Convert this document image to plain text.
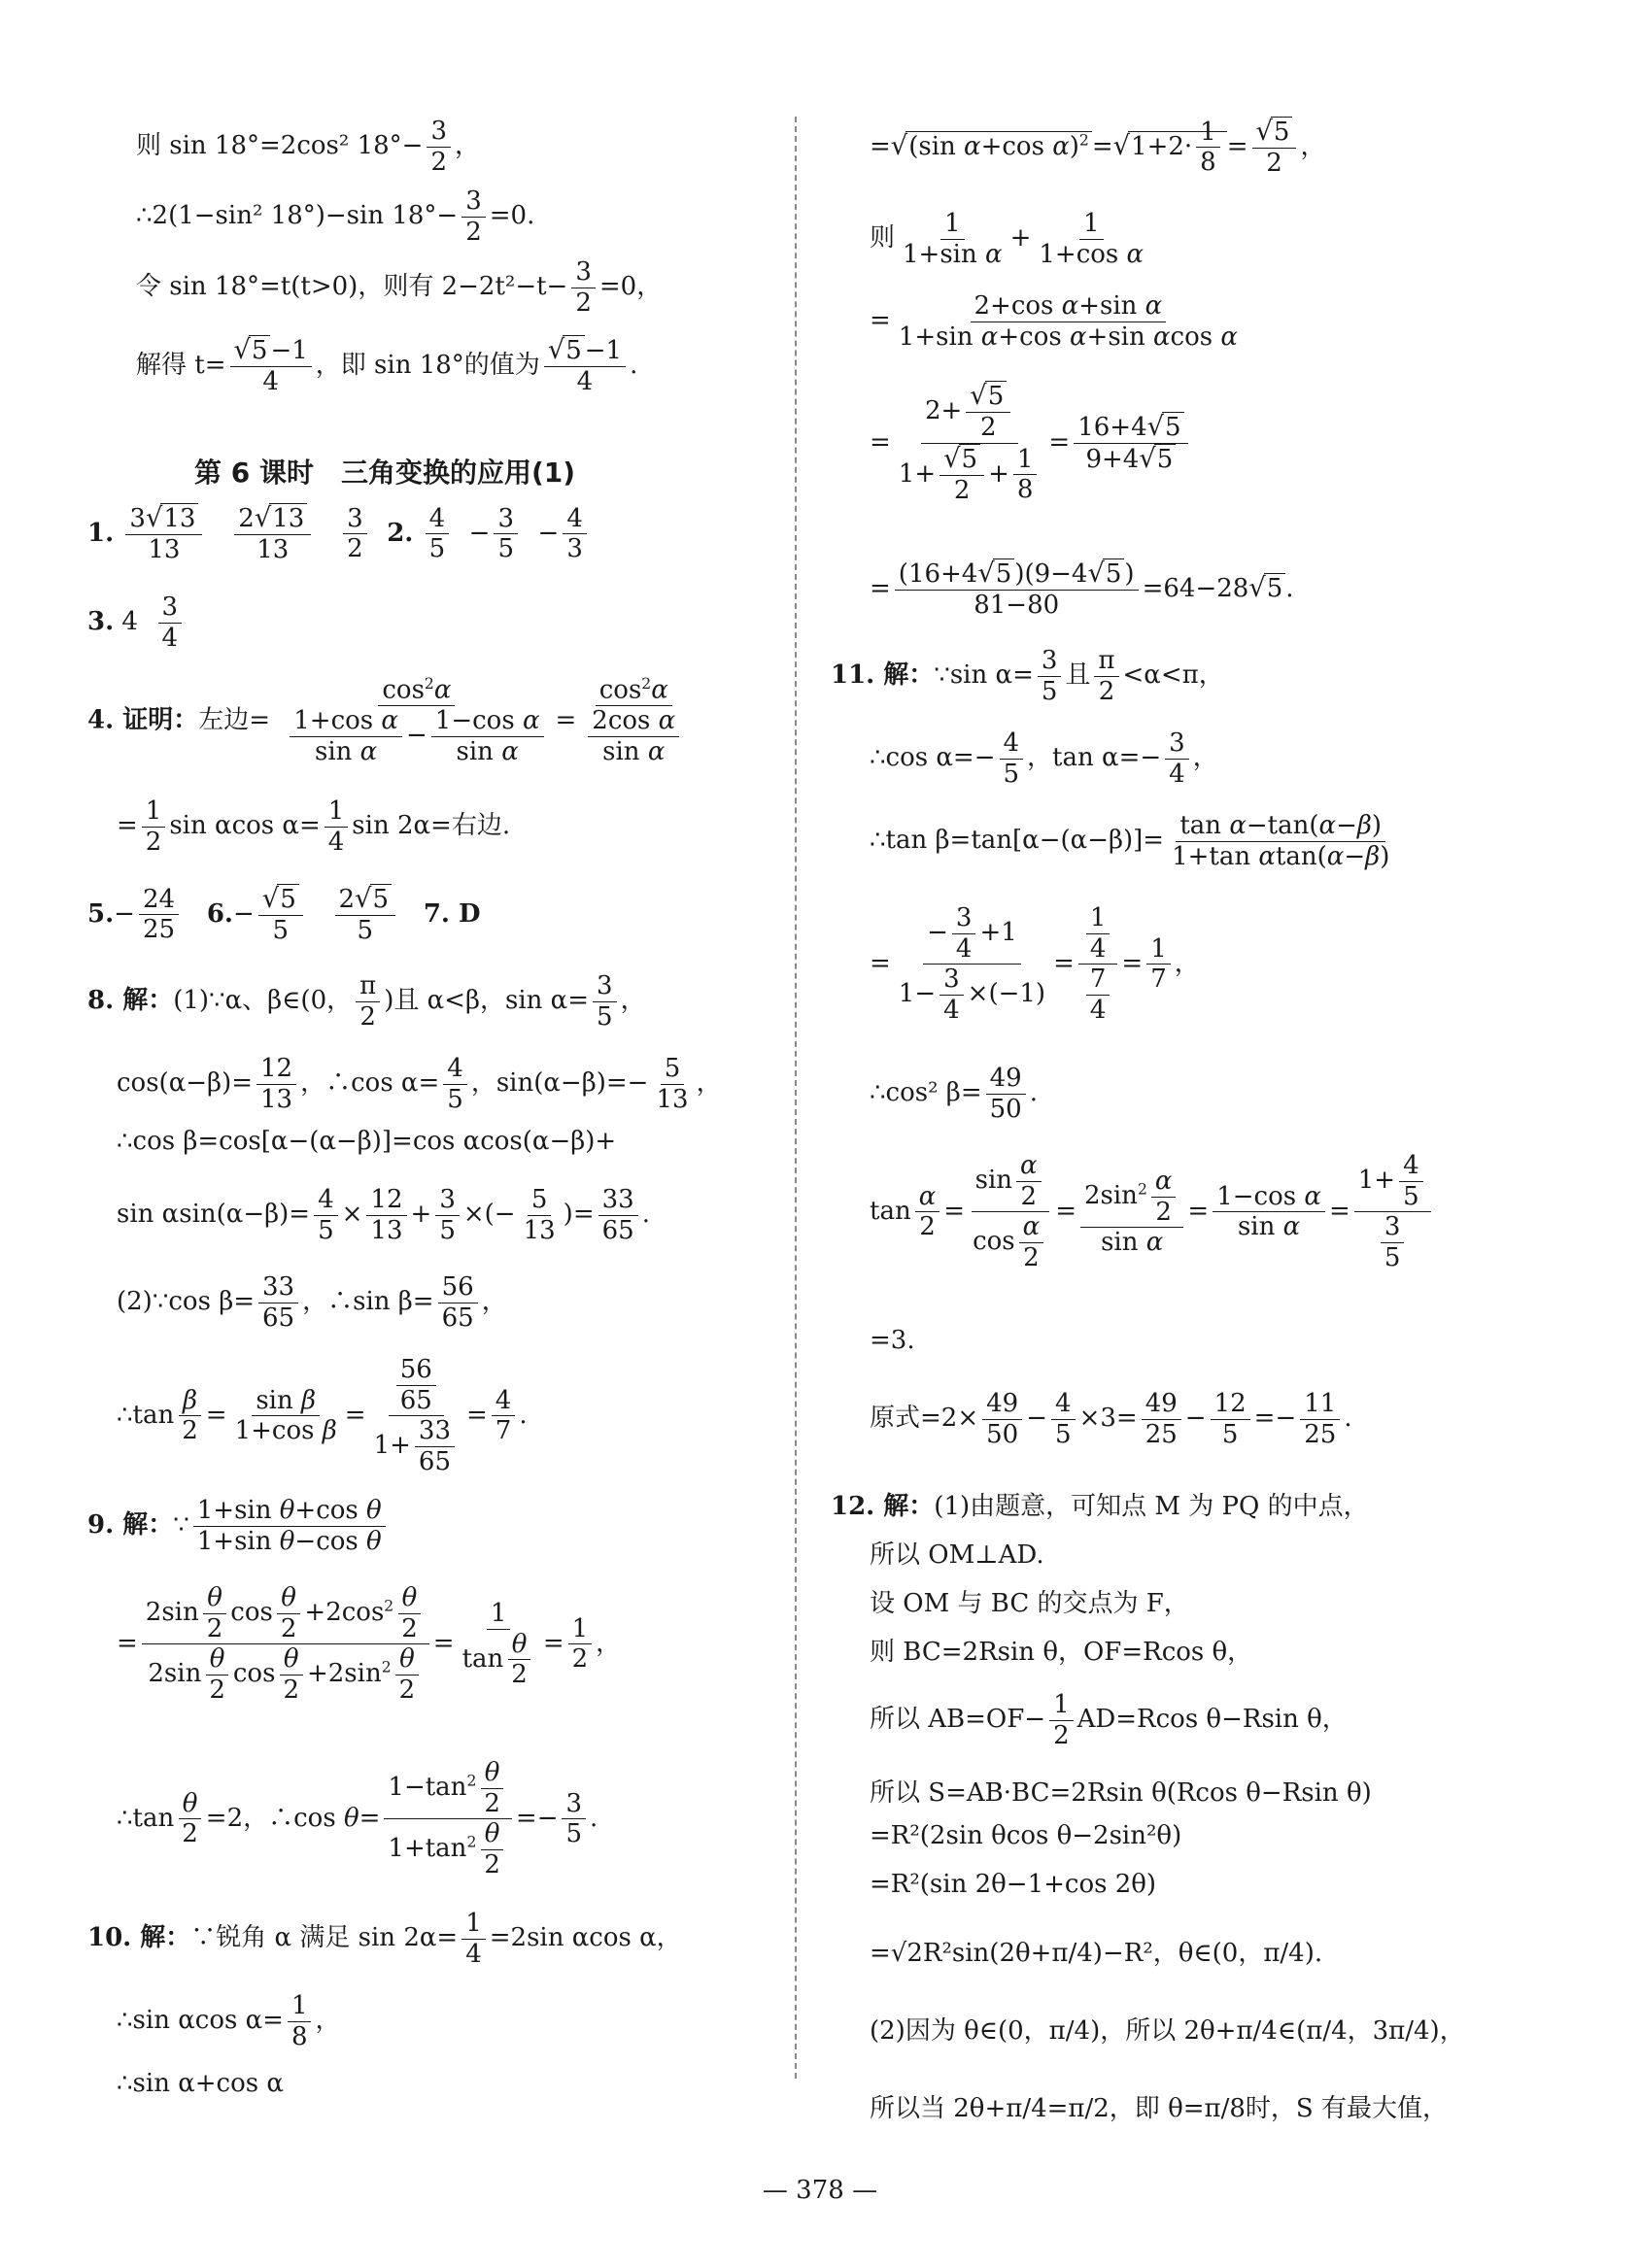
则 sin 18°=2cos² $18^\circ- \frac{3}{2}$ ，
∴2(1−sin² 18°)−sin $18^\circ- \frac{3}{2} =0$.
令 sin 18°=t(t>0)，则有 $2-2t^2-t- \frac{3}{2} =0$，
解得 $t= \frac{√5 -1}{4}$ ，即 sin 18°的值为 $\frac{√5 -1}{4}$ .
第 6 课时　三角变换的应用(1)
1. $\frac{3√13}{13}$
$\frac{2√13}{13}$
$\frac{3}{2} 2$. $\frac{4}{5} - \frac{3}{5} - \frac{4}{3}$
3. $4 \frac{3}{4}$
4. 证明：左边= $\frac{\cos^2\alpha}{\frac{\text{1+cos α}}{\text{sin α}} - \frac{\text{1−cos α}}{\text{sin α}}} = \frac{\cos^2\alpha}{\frac{\text{2cos α}}{\text{sin α}}}$
= $\frac{1}{2}$ sin αcos $\alpha= \frac{1}{4}$ sin 2α=右边.
$5.- \frac{24}{25} 6.- \frac{√5}{5}$
$\frac{2√5}{5} 7$. D
8. 解：(1)∵α、β∈(0， $\frac{\pi}{2}$ )且 α<β，$\sin \alpha= \frac{3}{5}$ ，
$\cos(\alpha-\beta)= \frac{12}{13}$ ，∴cos $\alpha= \frac{4}{5}$ ，$\sin(\alpha-\beta)=- \frac{5}{13}$ ，
∴cos β=cos[α−(α−β)]=cos αcos(α−β)+
$\sin \alpha\sin(\alpha-\beta)= \frac{4}{5} \times \frac{12}{13} + \frac{3}{5}$ ×(− $\frac{5}{13}$ )= $\frac{33}{65}$ .
(2)∵cos $\beta= \frac{33}{65}$ ，∴sin $\beta= \frac{56}{65}$ ，
∴tan $\frac{\beta}{2} = \frac{\text{sin β}}{\text{1+cos β}} = \frac{\frac{56}{65}}{1+ \frac{33}{65}} = \frac{4}{7}$ .
9. 解：∵ $\frac{\text{1+sin θ+cos θ}}{\text{1+sin θ−cos θ}}$
= $\frac{2\sin \frac{\theta}{2} \cos \frac{\theta}{2} +2\cos^2 \frac{\theta}{2}}{2\sin \frac{\theta}{2} \cos \frac{\theta}{2} +2\sin^2 \frac{\theta}{2}} = \frac{1}{\tan \frac{\theta}{2}} = \frac{1}{2}$ ，
∴tan $\frac{\theta}{2} =2$，∴cos $\theta= \frac{1-\tan^2 \frac{\theta}{2}}{1+\tan^2 \frac{\theta}{2}} =- \frac{3}{5}$ .
10. 解：∵锐角 α 满足 $\sin 2\alpha= \frac{1}{4} =2\sin$ αcos α，
∴sin αcos $\alpha= \frac{1}{8}$ ，
∴sin α+cos α
=√(sin α+cos $\alpha)^2 =√1+2\cdot \frac{1}{8} = \frac{√5}{2}$ ，
则 $\frac{1}{\text{1+sin α}} + \frac{1}{\text{1+cos α}}$
= $\frac{\text{2+cos α+sin α}}{\text{1+sin α+cos α+sin αcos α}}$
= $\frac{2+ \frac{√5}{2}}{1+ \frac{√5}{2} + \frac{1}{8}} = \frac{16+4√5}{9+4√5}$
= $\frac{(16+4√5 )(9-4√5 )}{81-80} =64-28√5$ .
11. 解：∵sin $\alpha= \frac{3}{5}$ 且 $\frac{\pi}{2} <\alpha<\pi$，
∴cos $\alpha=- \frac{4}{5}$ ，$\tan \alpha=- \frac{3}{4}$ ，
∴tan $\beta=\tan[\alpha-(\alpha-\beta)]= \frac{\text{tan α−tan(α−β)}}{\text{1+tan αtan(α−β)}}$
= $\frac{- \frac{3}{4} +1}{1- \frac{3}{4} \times(-1)} = \frac{\frac{1}{4}}{\frac{7}{4}} = \frac{1}{7}$ ，
∴cos² $\beta= \frac{49}{50}$ .
$\tan \frac{\alpha}{2} = \frac{\sin \frac{\alpha}{2}}{\cos \frac{\alpha}{2}} = \frac{2\sin^2 \frac{\alpha}{2}}{\text{sin α}} = \frac{\text{1−cos α}}{\text{sin α}} = \frac{1+ \frac{4}{5}}{\frac{3}{5}}$
=3.
原式$=2\times \frac{49}{50} - \frac{4}{5} \times 3= \frac{49}{25} - \frac{12}{5} =- \frac{11}{25}$ .
12. 解：(1)由题意，可知点 M 为 PQ 的中点，
所以 OM⊥AD.
设 OM 与 BC 的交点为 F，
则 BC=2Rsin θ，OF=Rcos θ，
所以 $AB=OF- \frac{1}{2} AD=Rcos$ θ−Rsin θ，
所以 S=AB·BC=2Rsin θ(Rcos θ−Rsin θ)
=R²(2sin θcos θ−2sin²θ)
=R²(sin 2θ−1+cos 2θ)
=√2R²sin(2θ+π/4)−R²，θ∈(0，π/4).
(2)因为 θ∈(0，π/4)，所以 2θ+π/4∈(π/4，3π/4)，
所以当 2θ+π/4=π/2，即 θ=π/8时，S 有最大值，
— 378 —
